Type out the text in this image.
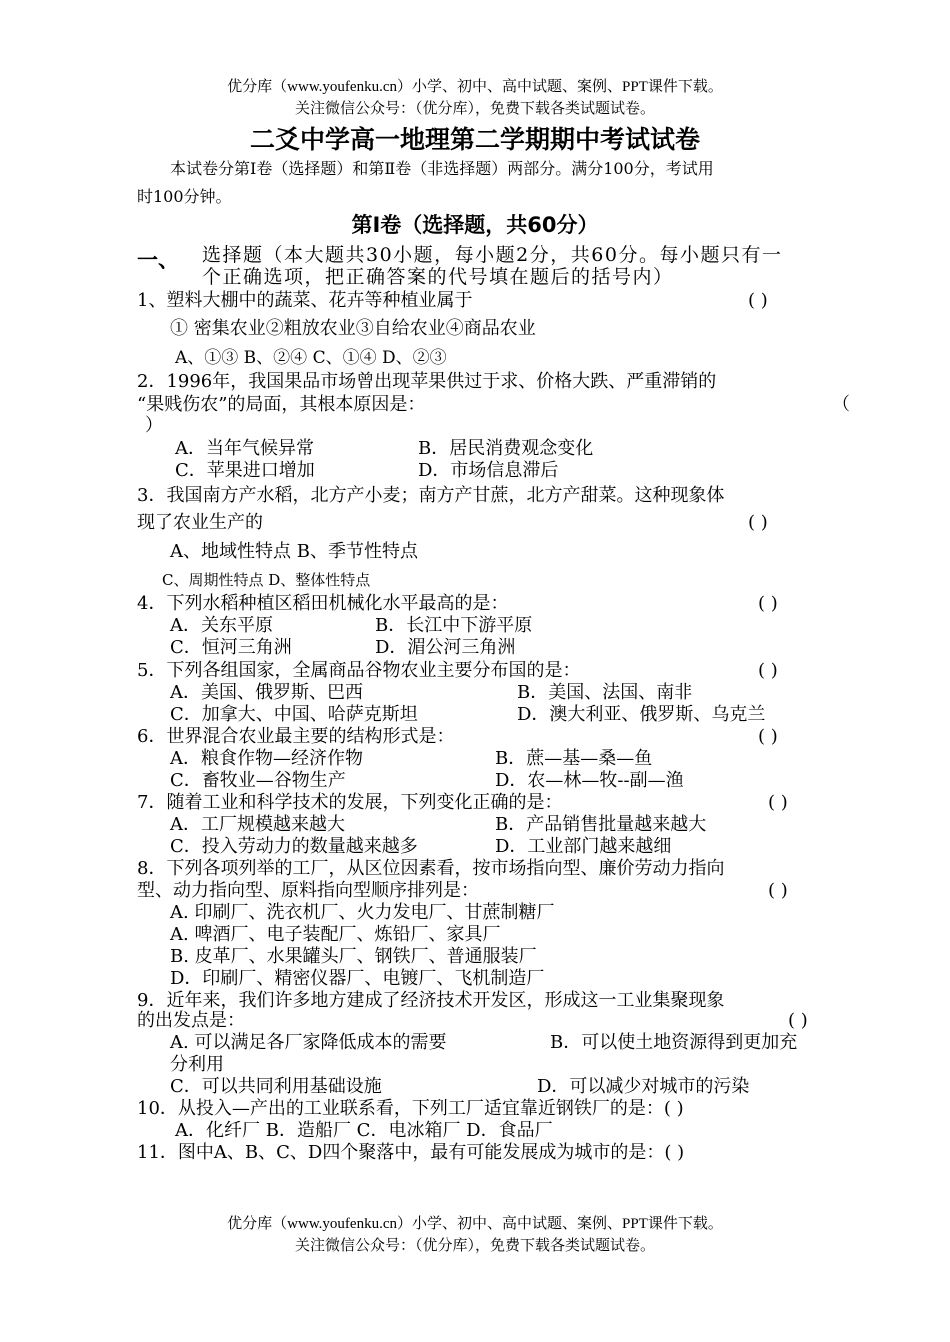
优分库（www.youfenku.cn）小学、初中、高中试题、案例、PPT课件下载。
关注微信公众号：（优分库），免费下载各类试题试卷。
二爻中学高一地理第二学期期中考试试卷
本试卷分第Ⅰ卷（选择题）和第Ⅱ卷（非选择题）两部分。满分100分，考试用
时100分钟。
第Ⅰ卷（选择题，共60分）
一、 选择题（本大题共30小题，每小题2分，共60分。每小题只有一
个正确选项，把正确答案的代号填在题后的括号内）
1、塑料大棚中的蔬菜、花卉等种植业属于	( )
① 密集农业②粗放农业③自给农业④商品农业
A、①③ B、②④ C、①④ D、②③
2．1996年，我国果品市场曾出现苹果供过于求、价格大跌、严重滞销的
“果贱伤农”的局面，其根本原因是：	（
）
A．当年气候异常	B．居民消费观念变化
C．苹果进口增加	D．市场信息滞后
3．我国南方产水稻，北方产小麦；南方产甘蔗，北方产甜菜。这种现象体
现了农业生产的	( )
A、地域性特点 B、季节性特点
C、周期性特点 D、整体性特点
4．下列水稻种植区稻田机械化水平最高的是：	( )
A．关东平原	B．长江中下游平原
C．恒河三角洲	D．湄公河三角洲
5．下列各组国家，全属商品谷物农业主要分布国的是：	( )
A．美国、俄罗斯、巴西	B．美国、法国、南非
C．加拿大、中国、哈萨克斯坦	D．澳大利亚、俄罗斯、乌克兰
6．世界混合农业最主要的结构形式是：	( )
A．粮食作物—经济作物	B．蔗—基—桑—鱼
C．畜牧业—谷物生产	D．农—林—牧--副—渔
7．随着工业和科学技术的发展，下列变化正确的是：	( )
A．工厂规模越来越大	B．产品销售批量越来越大
C．投入劳动力的数量越来越多	D．工业部门越来越细
8．下列各项列举的工厂，从区位因素看，按市场指向型、廉价劳动力指向
型、动力指向型、原料指向型顺序排列是：	( )
A. 印刷厂、洗衣机厂、火力发电厂、甘蔗制糖厂
A. 啤酒厂、电子装配厂、炼铅厂、家具厂
B. 皮革厂、水果罐头厂、钢铁厂、普通服装厂
D．印刷厂、精密仪器厂、电镀厂、飞机制造厂
9．近年来，我们许多地方建成了经济技术开发区，形成这一工业集聚现象
的出发点是：	( )
A. 可以满足各厂家降低成本的需要	B．可以使土地资源得到更加充
分利用
C．可以共同利用基础设施	D．可以减少对城市的污染
10．从投入—产出的工业联系看，下列工厂适宜靠近钢铁厂的是：( )
A．化纤厂 B．造船厂 C．电冰箱厂 D．食品厂
11．图中A、B、C、D四个聚落中，最有可能发展成为城市的是：( )
优分库（www.youfenku.cn）小学、初中、高中试题、案例、PPT课件下载。
关注微信公众号：（优分库），免费下载各类试题试卷。
